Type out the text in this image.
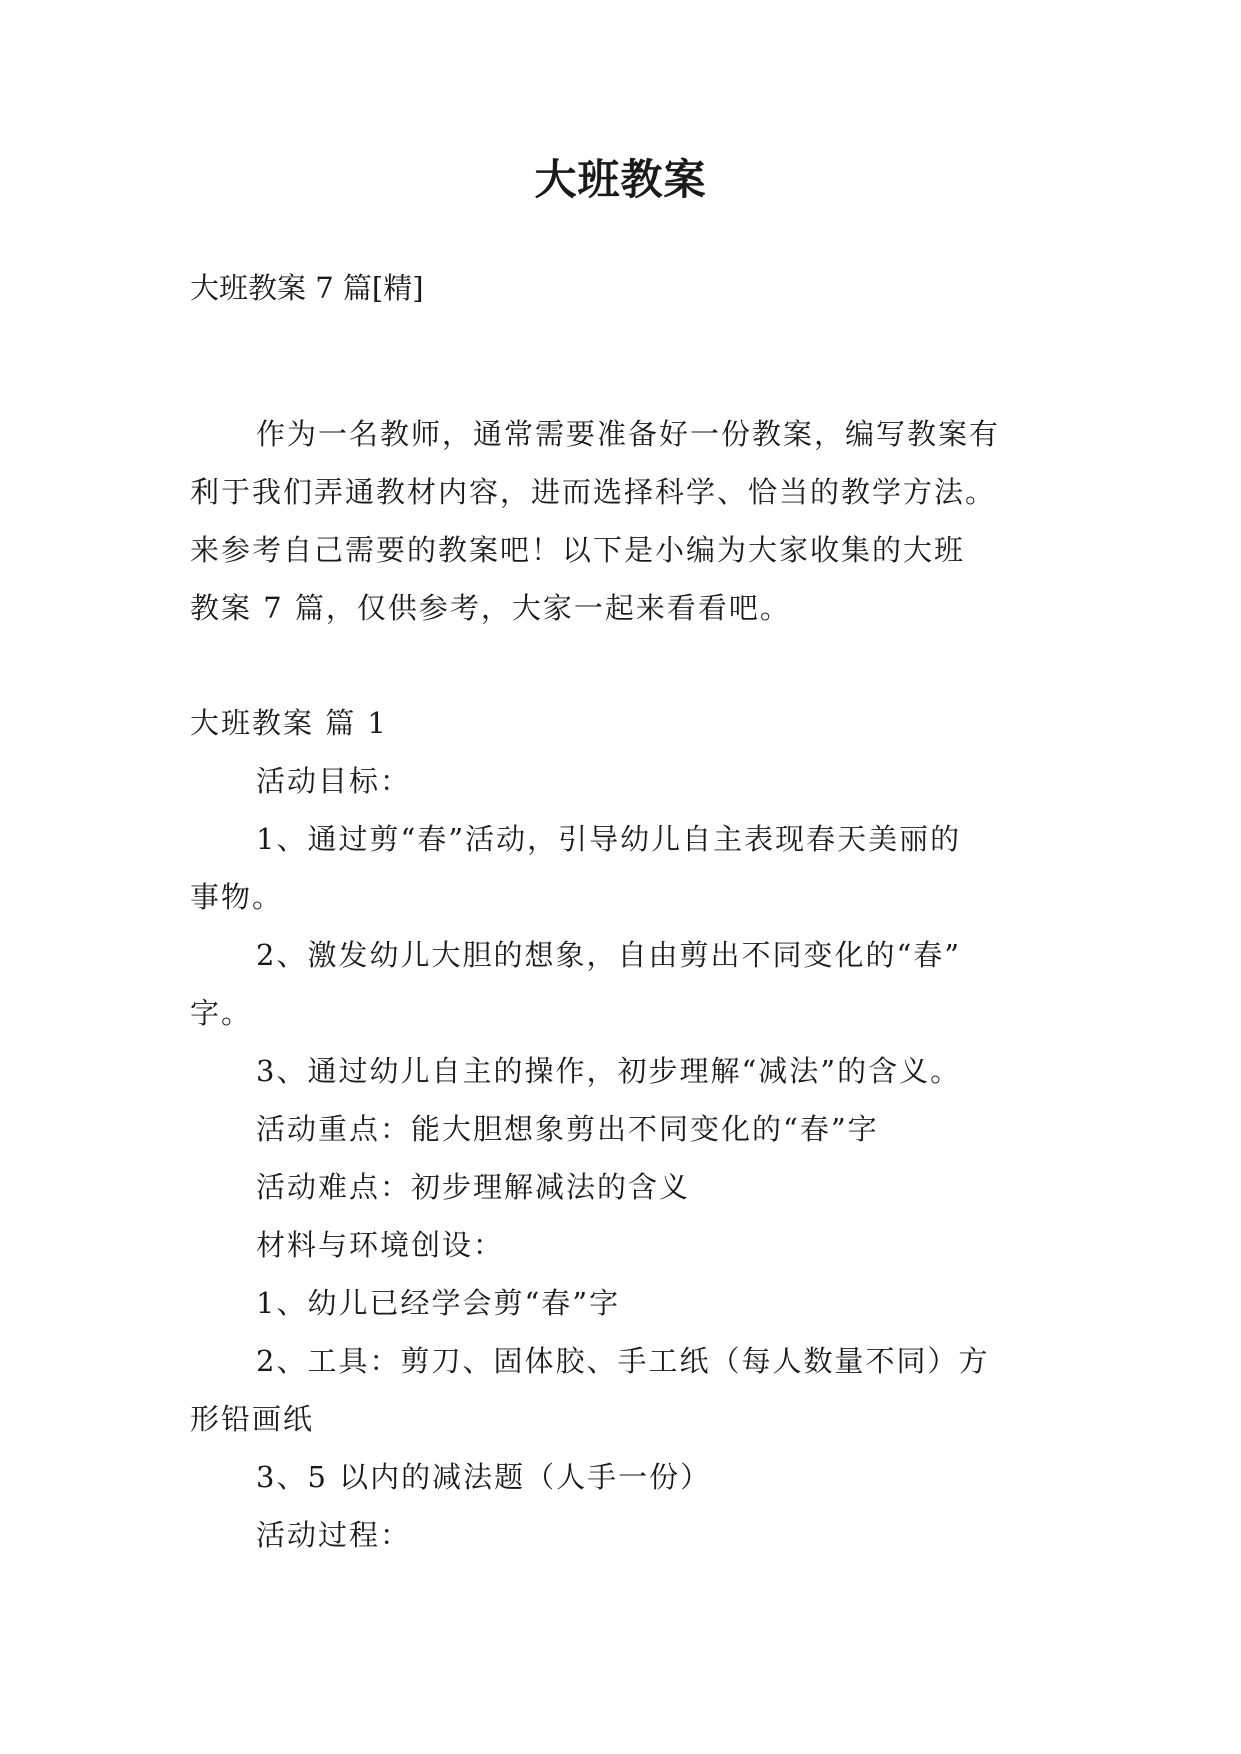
大班教案
大班教案 7 篇[精]
作为一名教师，通常需要准备好一份教案，编写教案有
利于我们弄通教材内容，进而选择科学、恰当的教学方法。
来参考自己需要的教案吧！以下是小编为大家收集的大班
教案 7 篇，仅供参考，大家一起来看看吧。
大班教案 篇 1
活动目标：
1、通过剪“春”活动，引导幼儿自主表现春天美丽的
事物。
2、激发幼儿大胆的想象，自由剪出不同变化的“春”
字。
3、通过幼儿自主的操作，初步理解“减法”的含义。
活动重点：能大胆想象剪出不同变化的“春”字
活动难点：初步理解减法的含义
材料与环境创设：
1、幼儿已经学会剪“春”字
2、工具：剪刀、固体胶、手工纸（每人数量不同）方
形铅画纸
3、5 以内的减法题（人手一份）
活动过程：
